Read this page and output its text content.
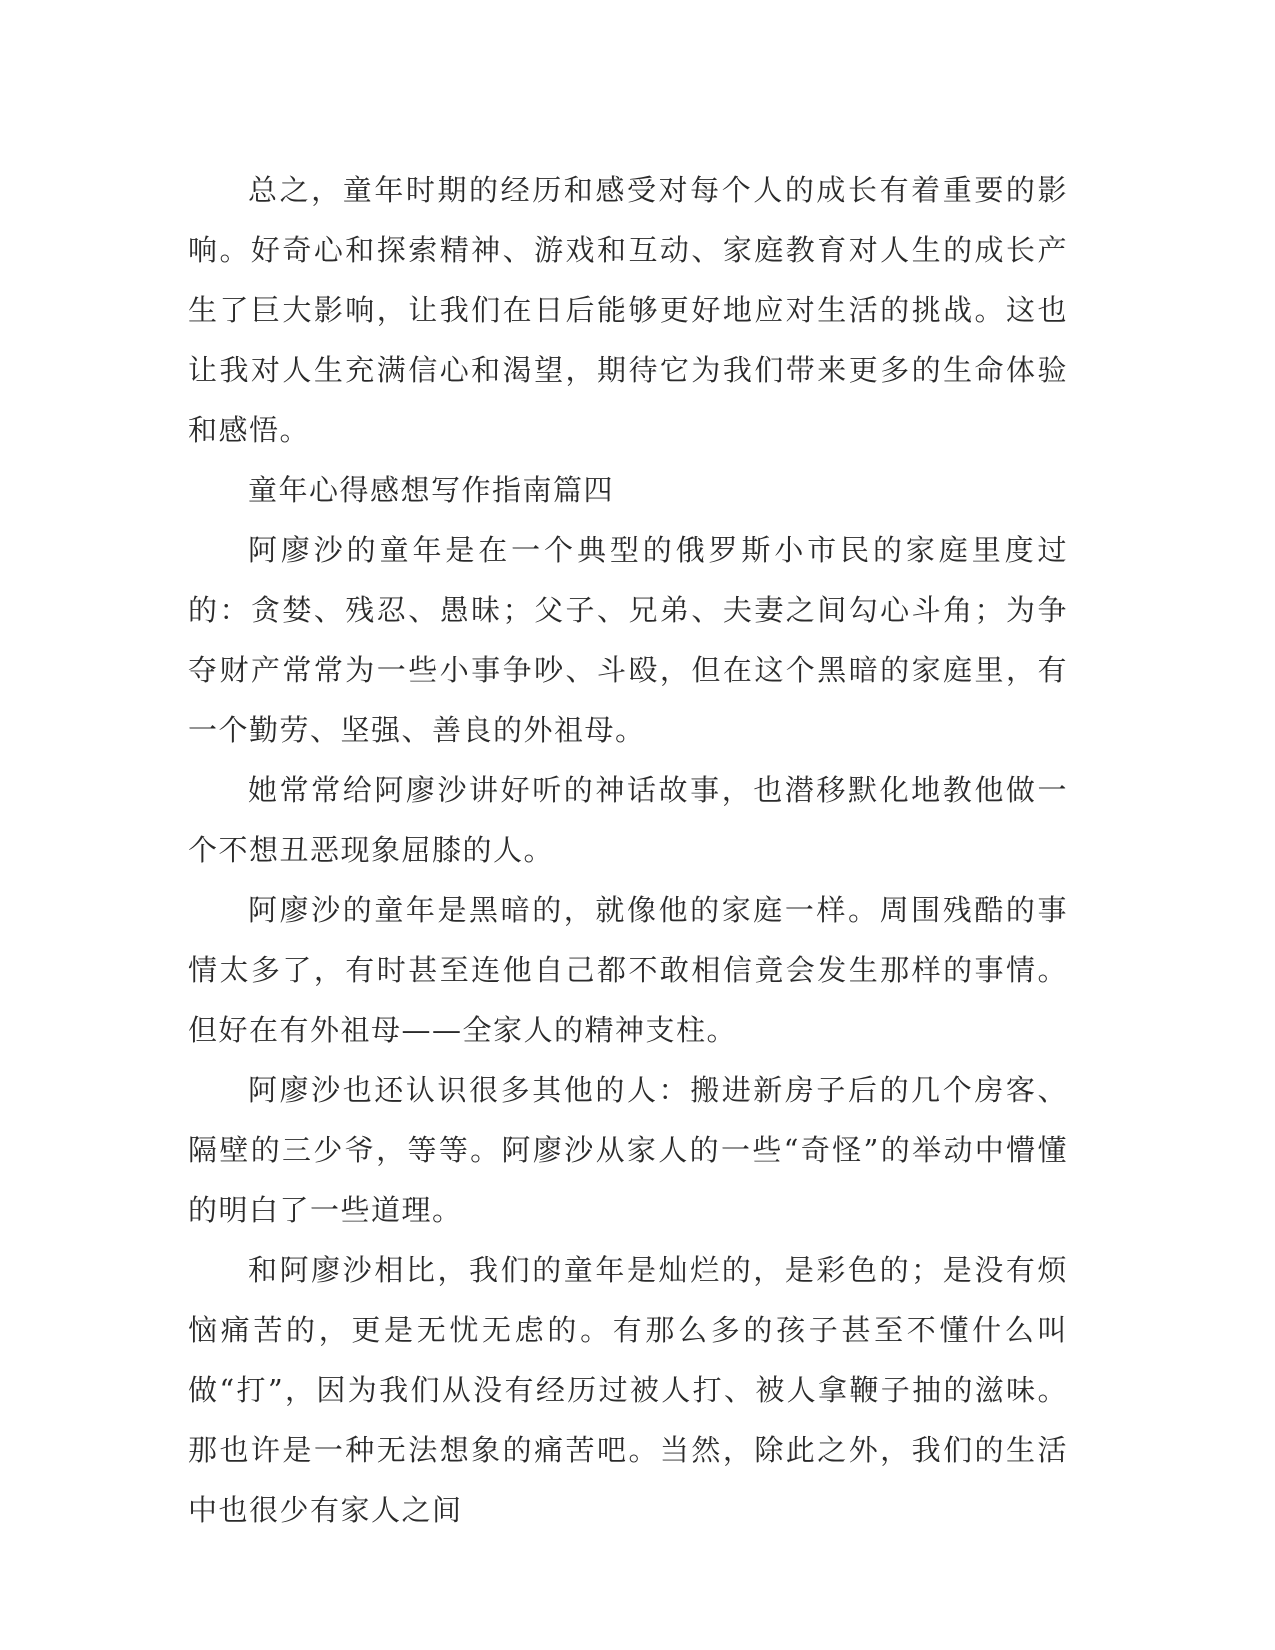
总之，童年时期的经历和感受对每个人的成长有着重要的影响。好奇心和探索精神、游戏和互动、家庭教育对人生的成长产生了巨大影响，让我们在日后能够更好地应对生活的挑战。这也让我对人生充满信心和渴望，期待它为我们带来更多的生命体验和感悟。

童年心得感想写作指南篇四

阿廖沙的童年是在一个典型的俄罗斯小市民的家庭里度过的：贪婪、残忍、愚昧；父子、兄弟、夫妻之间勾心斗角；为争夺财产常常为一些小事争吵、斗殴，但在这个黑暗的家庭里，有一个勤劳、坚强、善良的外祖母。

她常常给阿廖沙讲好听的神话故事，也潜移默化地教他做一个不想丑恶现象屈膝的人。

阿廖沙的童年是黑暗的，就像他的家庭一样。周围残酷的事情太多了，有时甚至连他自己都不敢相信竟会发生那样的事情。但好在有外祖母——全家人的精神支柱。

阿廖沙也还认识很多其他的人：搬进新房子后的几个房客、隔壁的三少爷，等等。阿廖沙从家人的一些“奇怪”的举动中懵懂的明白了一些道理。

和阿廖沙相比，我们的童年是灿烂的，是彩色的；是没有烦恼痛苦的，更是无忧无虑的。有那么多的孩子甚至不懂什么叫做“打”，因为我们从没有经历过被人打、被人拿鞭子抽的滋味。那也许是一种无法想象的痛苦吧。当然，除此之外，我们的生活中也很少有家人之间
